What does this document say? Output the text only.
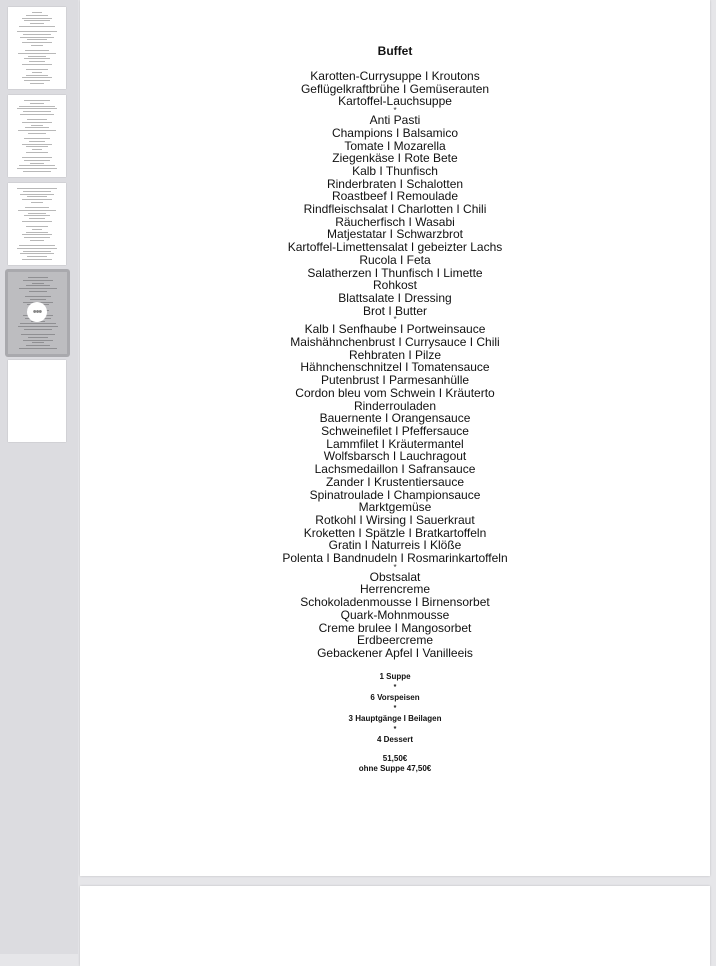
•••
Buffet
Karotten-Currysuppe I Kroutons
Geflügelkraftbrühe I Gemüserauten
Kartoffel-Lauchsuppe
*
Anti Pasti
Champions I Balsamico
Tomate I Mozarella
Ziegenkäse I Rote Bete
Kalb I Thunfisch
Rinderbraten I Schalotten
Roastbeef I Remoulade
Rindfleischsalat I Charlotten I Chili
Räucherfisch I Wasabi
Matjestatar I Schwarzbrot
Kartoffel-Limettensalat I gebeizter Lachs
Rucola I Feta
Salatherzen I Thunfisch I Limette
Rohkost
Blattsalate I Dressing
Brot I Butter
*
Kalb I Senfhaube I Portweinsauce
Maishähnchenbrust I Currysauce I Chili
Rehbraten I Pilze
Hähnchenschnitzel I Tomatensauce
Putenbrust I Parmesanhülle
Cordon bleu vom Schwein I Kräuterto
Rinderrouladen
Bauernente I Orangensauce
Schweinefilet I Pfeffersauce
Lammfilet I Kräutermantel
Wolfsbarsch I Lauchragout
Lachsmedaillon I Safransauce
Zander I Krustentiersauce
Spinatroulade I Championsauce
Marktgemüse
Rotkohl I Wirsing I Sauerkraut
Kroketten I Spätzle I Bratkartoffeln
Gratin I Naturreis I Klöße
Polenta I Bandnudeln I Rosmarinkartoffeln
*
Obstsalat
Herrencreme
Schokoladenmousse I Birnensorbet
Quark-Mohnmousse
Creme brulee I Mangosorbet
Erdbeercreme
Gebackener Apfel I Vanilleeis
1 Suppe
*
6 Vorspeisen
*
3 Hauptgänge I Beilagen
*
4 Dessert
51,50€
ohne Suppe 47,50€
